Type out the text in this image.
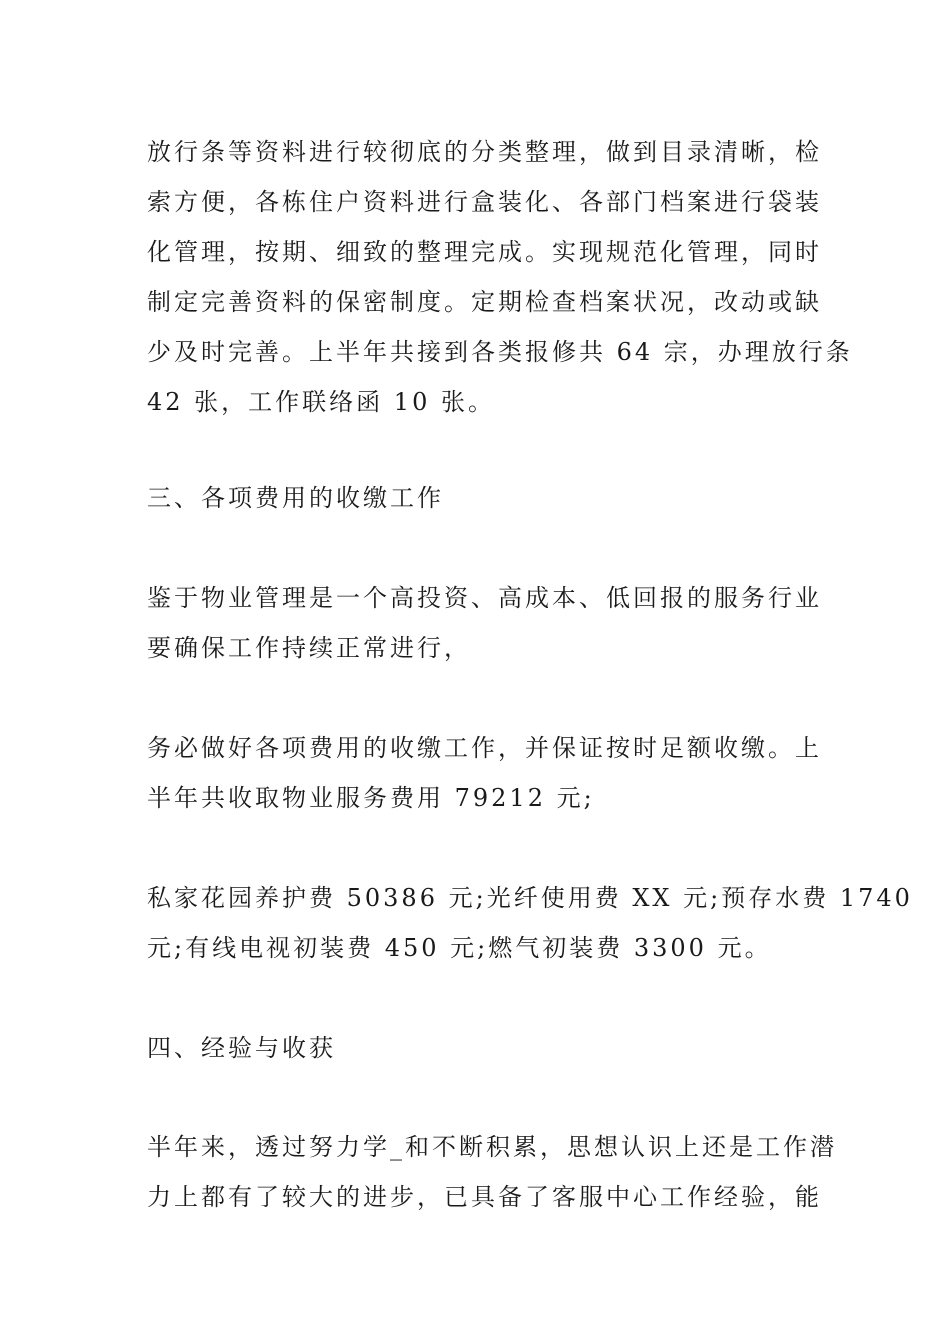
放行条等资料进行较彻底的分类整理，做到目录清晰，检
索方便，各栋住户资料进行盒装化、各部门档案进行袋装
化管理，按期、细致的整理完成。实现规范化管理，同时
制定完善资料的保密制度。定期检查档案状况，改动或缺
少及时完善。上半年共接到各类报修共 64 宗，办理放行条
42 张，工作联络函 10 张。
三、各项费用的收缴工作
鉴于物业管理是一个高投资、高成本、低回报的服务行业
要确保工作持续正常进行，
务必做好各项费用的收缴工作，并保证按时足额收缴。上
半年共收取物业服务费用 79212 元;
私家花园养护费 50386 元;光纤使用费 XX 元;预存水费 1740
元;有线电视初装费 450 元;燃气初装费 3300 元。
四、经验与收获
半年来，透过努力学_和不断积累，思想认识上还是工作潜
力上都有了较大的进步，已具备了客服中心工作经验，能
